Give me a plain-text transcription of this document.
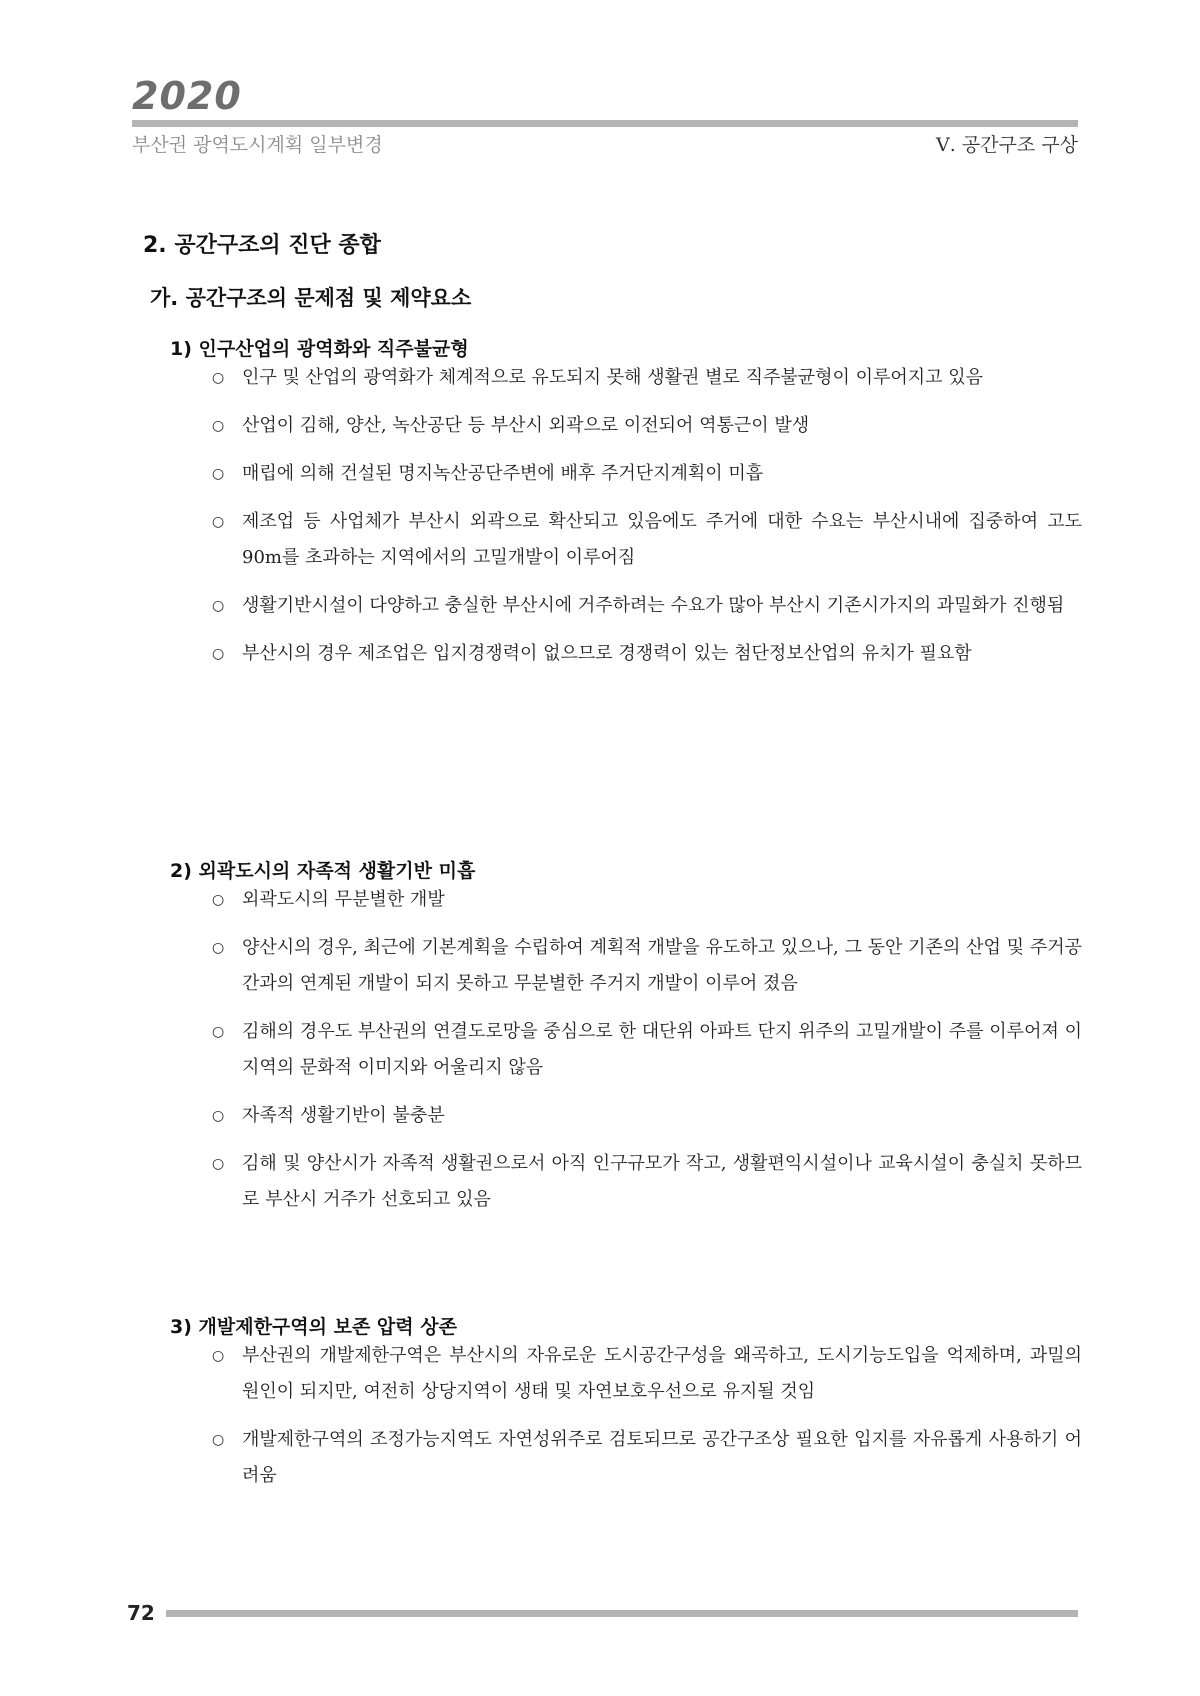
2020
부산권 광역도시계획 일부변경	Ⅴ. 공간구조 구상
2. 공간구조의 진단 종합
가. 공간구조의 문제점 및 제약요소
1) 인구산업의 광역화와 직주불균형
○ 인구 및 산업의 광역화가 체계적으로 유도되지 못해 생활권 별로 직주불균형이 이루어지고 있음
○ 산업이 김해, 양산, 녹산공단 등 부산시 외곽으로 이전되어 역통근이 발생
○ 매립에 의해 건설된 명지녹산공단주변에 배후 주거단지계획이 미흡
○ 제조업 등 사업체가 부산시 외곽으로 확산되고 있음에도 주거에 대한 수요는 부산시내에 집중하여 고도 90m를 초과하는 지역에서의 고밀개발이 이루어짐
○ 생활기반시설이 다양하고 충실한 부산시에 거주하려는 수요가 많아 부산시 기존시가지의 과밀화가 진행됨
○ 부산시의 경우 제조업은 입지경쟁력이 없으므로 경쟁력이 있는 첨단정보산업의 유치가 필요함
2) 외곽도시의 자족적 생활기반 미흡
○ 외곽도시의 무분별한 개발
○ 양산시의 경우, 최근에 기본계획을 수립하여 계획적 개발을 유도하고 있으나, 그 동안 기존의 산업 및 주거공간과의 연계된 개발이 되지 못하고 무분별한 주거지 개발이 이루어 졌음
○ 김해의 경우도 부산권의 연결도로망을 중심으로 한 대단위 아파트 단지 위주의 고밀개발이 주를 이루어져 이 지역의 문화적 이미지와 어울리지 않음
○ 자족적 생활기반이 불충분
○ 김해 및 양산시가 자족적 생활권으로서 아직 인구규모가 작고, 생활편익시설이나 교육시설이 충실치 못하므로 부산시 거주가 선호되고 있음
3) 개발제한구역의 보존 압력 상존
○ 부산권의 개발제한구역은 부산시의 자유로운 도시공간구성을 왜곡하고, 도시기능도입을 억제하며, 과밀의 원인이 되지만, 여전히 상당지역이 생태 및 자연보호우선으로 유지될 것임
○ 개발제한구역의 조정가능지역도 자연성위주로 검토되므로 공간구조상 필요한 입지를 자유롭게 사용하기 어려움
72
